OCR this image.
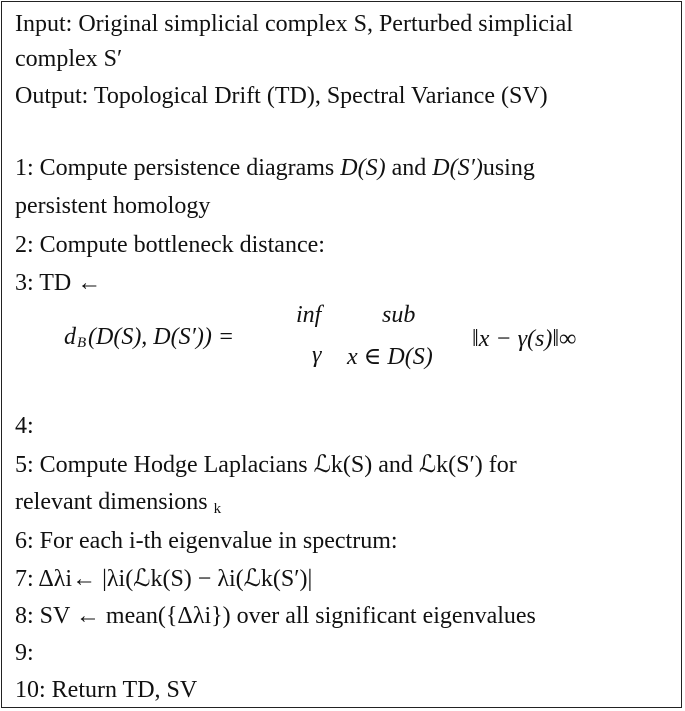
Input: Original simplicial complex S, Perturbed simplicial
complex S′
Output: Topological Drift (TD), Spectral Variance (SV)
1: Compute persistence diagrams D(S) and D(S′)using
persistent homology
2: Compute bottleneck distance:
3: TD ←
d B (D(S), D(S′)) =
inf	sub
γ x ∈ D(S)
‖x − γ(s)‖∞
4:
5: Compute Hodge Laplacians ℒk(S) and ℒk(S′) for
relevant dimensions $_k$
6: For each i-th eigenvalue in spectrum:
7: Δλi← |λi(ℒk(S) − λi(ℒk(S′)|
8: SV ← mean({Δλi}) over all significant eigenvalues
9:
10: Return TD, SV
